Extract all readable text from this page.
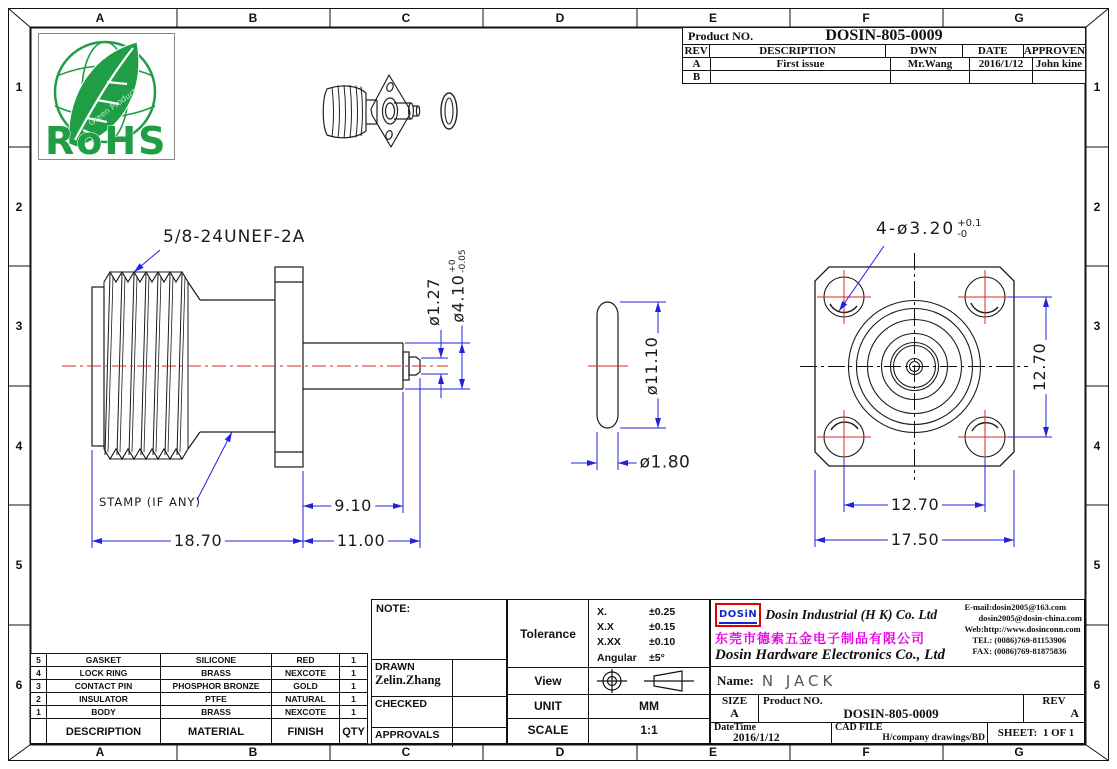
A	B	C	D	E	F	G
A	B	C	D	E	F	G
1
2
3
4
5
6
1
2
3
4
5
6
Green Product
RoHS
5/8-24UNEF-2A
STAMP (IF ANY)
18.70	11.00
9.10
ø1.27 ø4.10
+0 -0.05
ø11.10
ø1.80
4-ø3.20 +0.1
-0
12.70
12.70
17.50
Product NO.	DOSIN-805-0009
REV	DESCRIPTION	DWN	DATE	APPROVEN
A	First issue	Mr.Wang	2016/1/12	John kine
B
5	GASKET	SILICONE	RED	1
4	LOCK RING	BRASS	NEXCOTE	1
3	CONTACT PIN	PHOSPHOR BRONZE	GOLD	1
2	INSULATOR	PTFE	NATURAL	1
1	BODY	BRASS	NEXCOTE	1
DESCRIPTION	MATERIAL	FINISH	QTY
NOTE:
DRAWN
Zelin.Zhang
CHECKED
APPROVALS
Tolerance
X.	±0.25
X.X	±0.15
X.XX	±0.10
Angular	±5°
View
UNIT	MM
SCALE	1:1
DOSiN Dosin Industrial (H K) Co. Ltd
东莞市德索五金电子制品有限公司
Dosin Hardware Electronics Co., Ltd
E-mail:dosin2005@163.com
dosin2005@dosin-china.com
Web:http://www.dosinconn.com
TEL: (0086)769-81153906
FAX: (0086)769-81875836
Name: N JACK
SIZE
A
Product NO.
DOSIN-805-0009
REV
A
DateTime
2016/1/12
CAD FILE
H/company drawings/BD	SHEET:  1 OF 1
